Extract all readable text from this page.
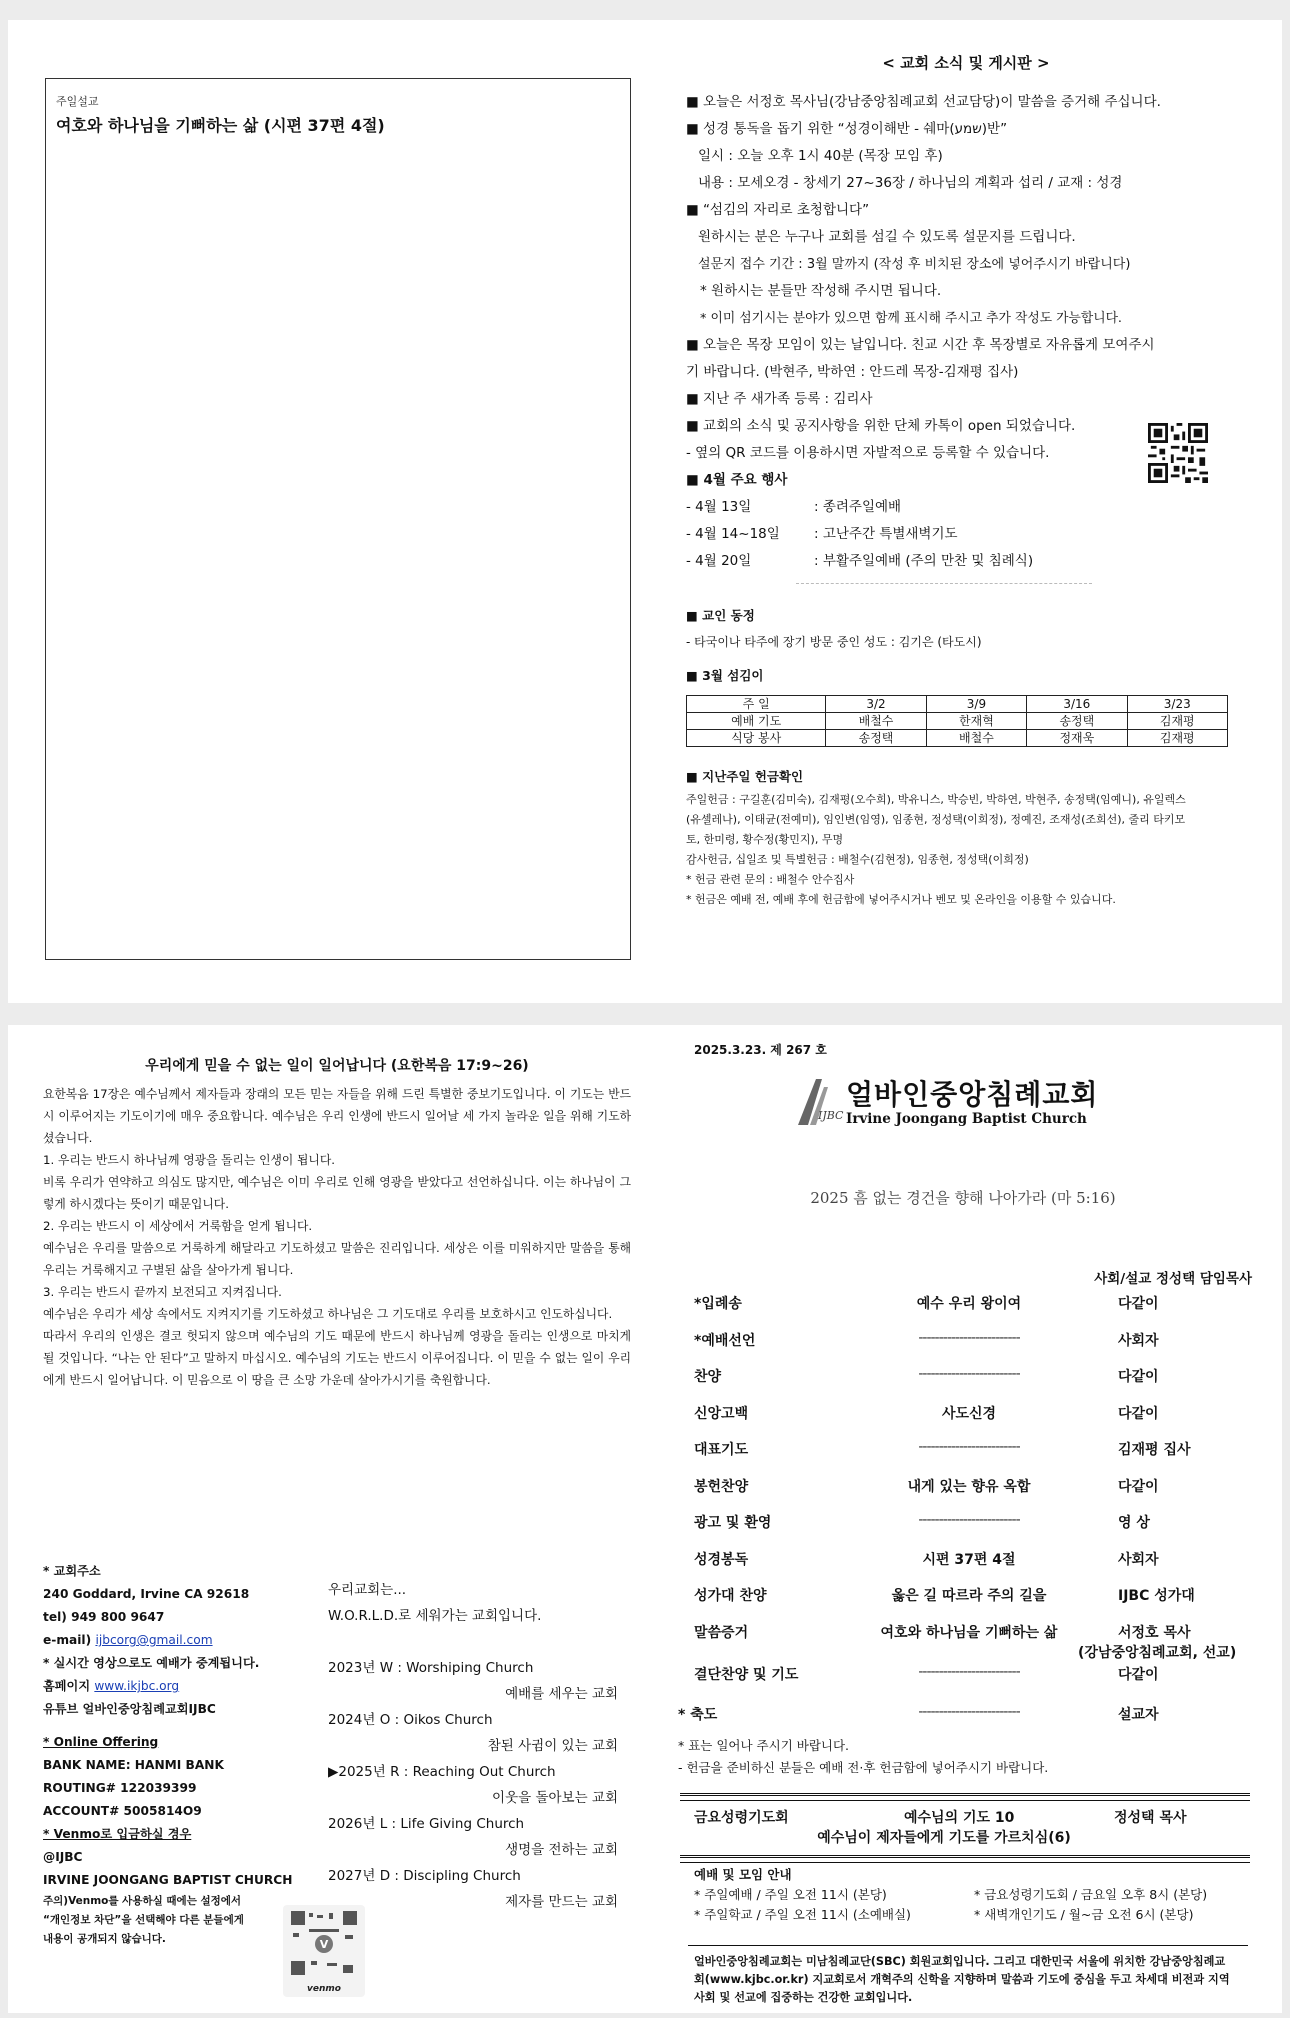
주일설교
여호와 하나님을 기뻐하는 삶 (시편 37편 4절)
< 교회 소식 및 게시판 >
■ 오늘은 서정호 목사님(강남중앙침례교회 선교담당)이 말씀을 증거해 주십니다.
■ 성경 통독을 돕기 위한 “성경이해반 - 쉐마(שמע)반”
일시 : 오늘 오후 1시 40분 (목장 모임 후)
내용 : 모세오경 - 창세기 27~36장 / 하나님의 계획과 섭리 / 교재 : 성경
■ “섬김의 자리로 초청합니다”
원하시는 분은 누구나 교회를 섬길 수 있도록 설문지를 드립니다.
설문지 접수 기간 : 3월 말까지 (작성 후 비치된 장소에 넣어주시기 바랍니다)
* 원하시는 분들만 작성해 주시면 됩니다.
* 이미 섬기시는 분야가 있으면 함께 표시해 주시고 추가 작성도 가능합니다.
■ 오늘은 목장 모임이 있는 날입니다. 친교 시간 후 목장별로 자유롭게 모여주시
기 바랍니다. (박현주, 박하연 : 안드레 목장-김재평 집사)
■ 지난 주 새가족 등록 : 김리사
■ 교회의 소식 및 공지사항을 위한 단체 카톡이 open 되었습니다.
- 옆의 QR 코드를 이용하시면 자발적으로 등록할 수 있습니다.
■ 4월 주요 행사
- 4월 13일	: 종려주일예배
- 4월 14~18일	: 고난주간 특별새벽기도
- 4월 20일	: 부활주일예배 (주의 만찬 및 침례식)
■ 교인 동정
- 타국이나 타주에 장기 방문 중인 성도 : 김기은 (타도시)
■ 3월 섬김이
주 일	3/2	3/9	3/16	3/23
예배 기도	배철수	한재혁	송정택	김재평
식당 봉사	송정택	배철수	정재욱	김재평
■ 지난주일 헌금확인
주일헌금 : 구길훈(김미숙), 김재평(오수희), 박유니스, 박승빈, 박하연, 박현주, 송정택(임예니), 유일렉스
(유셀레나), 이태균(전예미), 임인변(임영), 임종현, 정성택(이희정), 정예진, 조재성(조희선), 줄리 타키모
토, 한미령, 황수정(황민지), 무명
감사헌금, 십일조 및 특별헌금 : 배철수(김현정), 임종현, 정성택(이희정)
* 헌금 관련 문의 : 배철수 안수집사
* 헌금은 예배 전, 예배 후에 헌금함에 넣어주시거나 벤모 및 온라인을 이용할 수 있습니다.
우리에게 믿을 수 없는 일이 일어납니다 (요한복음 17:9~26)

요한복음 17장은 예수님께서 제자들과 장래의 모든 믿는 자들을 위해 드린 특별한 중보기도입니다. 이 기도는 반드시 이루어지는 기도이기에 매우 중요합니다. 예수님은 우리 인생에 반드시 일어날 세 가지 놀라운 일을 위해 기도하셨습니다.

1. 우리는 반드시 하나님께 영광을 돌리는 인생이 됩니다.

비록 우리가 연약하고 의심도 많지만, 예수님은 이미 우리로 인해 영광을 받았다고 선언하십니다. 이는 하나님이 그렇게 하시겠다는 뜻이기 때문입니다.

2. 우리는 반드시 이 세상에서 거룩함을 얻게 됩니다.

예수님은 우리를 말씀으로 거룩하게 해달라고 기도하셨고 말씀은 진리입니다. 세상은 이를 미워하지만 말씀을 통해 우리는 거룩해지고 구별된 삶을 살아가게 됩니다.

3. 우리는 반드시 끝까지 보전되고 지켜집니다.

예수님은 우리가 세상 속에서도 지켜지기를 기도하셨고 하나님은 그 기도대로 우리를 보호하시고 인도하십니다.

따라서 우리의 인생은 결코 헛되지 않으며 예수님의 기도 때문에 반드시 하나님께 영광을 돌리는 인생으로 마치게 될 것입니다. “나는 안 된다”고 말하지 마십시오. 예수님의 기도는 반드시 이루어집니다. 이 믿을 수 없는 일이 우리에게 반드시 일어납니다. 이 믿음으로 이 땅을 큰 소망 가운데 살아가시기를 축원합니다.

* 교회주소
240 Goddard, Irvine CA 92618
tel) 949 800 9647
e-mail) ijbcorg@gmail.com
* 실시간 영상으로도 예배가 중계됩니다.
홈페이지 www.ikjbc.org
유튜브 얼바인중앙침례교회IJBC
* Online Offering
BANK NAME: HANMI BANK
ROUTING# 122039399
ACCOUNT# 5005814O9
* Venmo로 입금하실 경우
@IJBC
IRVINE JOONGANG BAPTIST CHURCH
주의)Venmo를 사용하실 때에는 설정에서
“개인정보 차단”을 선택해야 다른 분들에게
내용이 공개되지 않습니다.	V
venmo
우리교회는...
W.O.R.L.D.로 세워가는 교회입니다.
2023년 W : Worshiping Church
예배를 세우는 교회
2024년 O : Oikos Church
참된 사귐이 있는 교회
▶2025년 R : Reaching Out Church
이웃을 돌아보는 교회
2026년 L : Life Giving Church
생명을 전하는 교회
2027년 D : Discipling Church
제자를 만드는 교회
2025.3.23. 제 267 호
IJBC
얼바인중앙침례교회
Irvine Joongang Baptist Church
2025 흠 없는 경건을 향해 나아가라 (마 5:16)
사회/설교 정성택 담임목사
*입례송	예수 우리 왕이여	다같이
*예배선언	-------------------------	사회자
찬양	-------------------------	다같이
신앙고백	사도신경	다같이
대표기도	-------------------------	김재평 집사
봉헌찬양	내게 있는 향유 옥합	다같이
광고 및 환영	-------------------------	영 상
성경봉독	시편 37편 4절	사회자
성가대 찬양	옳은 길 따르라 주의 길을	IJBC 성가대
말씀증거	여호와 하나님을 기뻐하는 삶	서정호 목사
(강남중앙침례교회, 선교)
결단찬양 및 기도	-------------------------	다같이
* 축도	-------------------------	설교자
* 표는 일어나 주시기 바랍니다.
- 헌금을 준비하신 분들은 예배 전·후 헌금함에 넣어주시기 바랍니다.
금요성령기도회	예수님의 기도 10	정성택 목사
예수님이 제자들에게 기도를 가르치심(6)
예배 및 모임 안내
* 주일예배 / 주일 오전 11시 (본당)	* 금요성령기도회 / 금요일 오후 8시 (본당)
* 주일학교 / 주일 오전 11시 (소예배실)	* 새벽개인기도 / 월~금 오전 6시 (본당)
얼바인중앙침례교회는 미남침례교단(SBC) 회원교회입니다. 그리고 대한민국 서울에 위치한 강남중앙침례교회(www.kjbc.or.kr) 지교회로서 개혁주의 신학을 지향하며 말씀과 기도에 중심을 두고 차세대 비전과 지역사회 및 선교에 집중하는 건강한 교회입니다.
